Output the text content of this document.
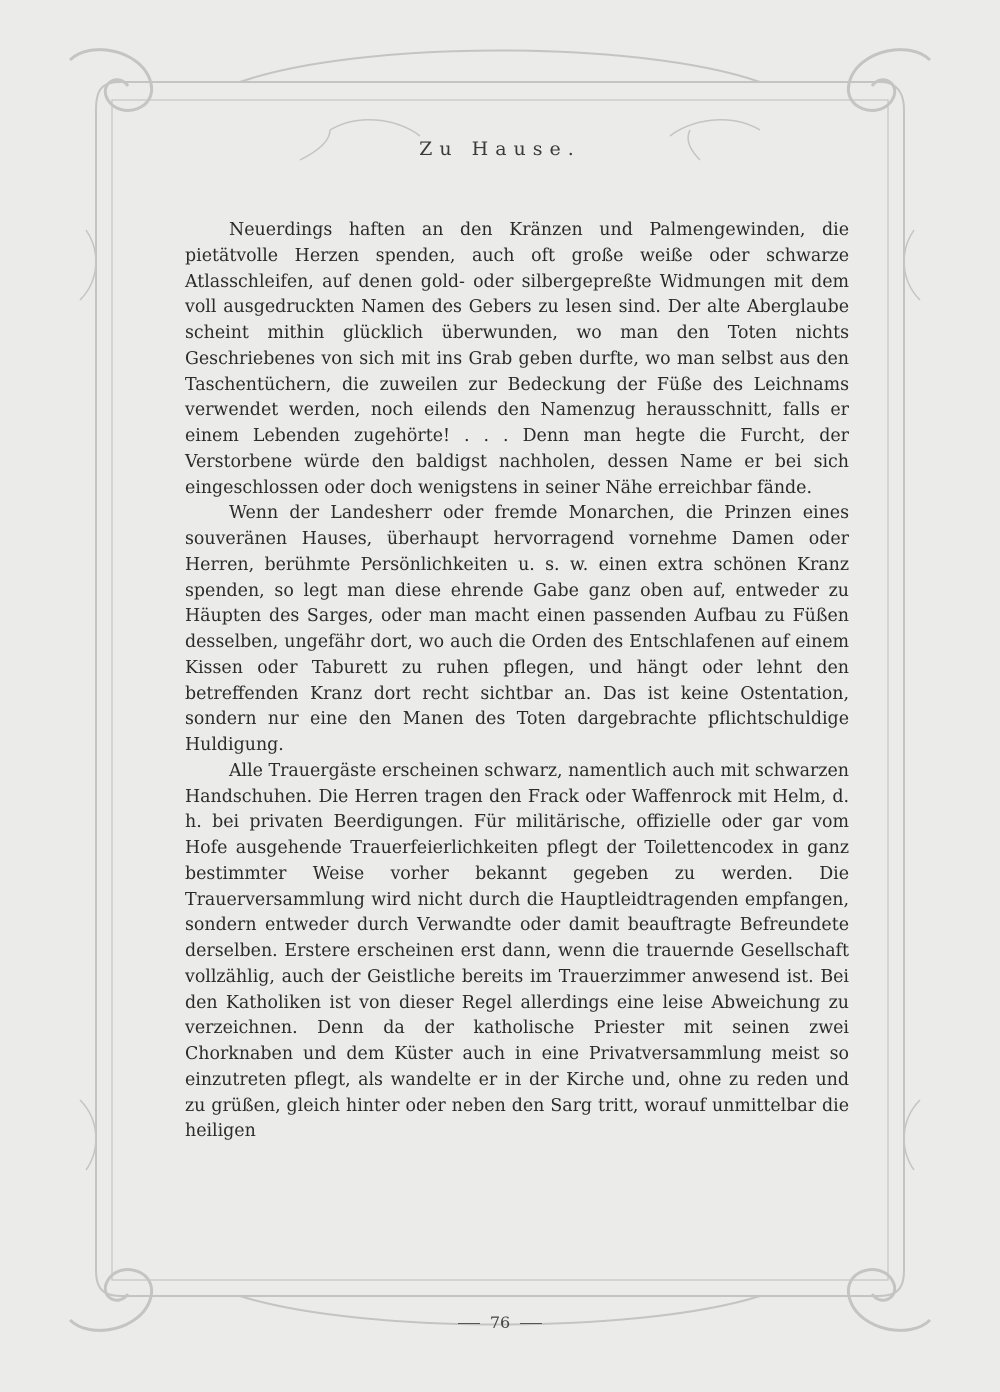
Zu Hause.

Neuerdings haften an den Kränzen und Palmengewinden, die pietätvolle Herzen spenden, auch oft große weiße oder schwarze Atlasschleifen, auf denen gold- oder silbergepreßte Widmungen mit dem voll ausgedruckten Namen des Gebers zu lesen sind. Der alte Aberglaube scheint mithin glücklich überwunden, wo man den Toten nichts Geschriebenes von sich mit ins Grab geben durfte, wo man selbst aus den Taschentüchern, die zuweilen zur Bedeckung der Füße des Leichnams verwendet werden, noch eilends den Namenzug herausschnitt, falls er einem Lebenden zugehörte! . . . Denn man hegte die Furcht, der Verstorbene würde den baldigst nachholen, dessen Name er bei sich eingeschlossen oder doch wenigstens in seiner Nähe erreichbar fände.

Wenn der Landesherr oder fremde Monarchen, die Prinzen eines souveränen Hauses, überhaupt hervorragend vornehme Damen oder Herren, berühmte Persönlichkeiten u. s. w. einen extra schönen Kranz spenden, so legt man diese ehrende Gabe ganz oben auf, entweder zu Häupten des Sarges, oder man macht einen passenden Aufbau zu Füßen desselben, ungefähr dort, wo auch die Orden des Entschlafenen auf einem Kissen oder Taburett zu ruhen pflegen, und hängt oder lehnt den betreffenden Kranz dort recht sichtbar an. Das ist keine Ostentation, sondern nur eine den Manen des Toten dargebrachte pflichtschuldige Huldigung.

Alle Trauergäste erscheinen schwarz, namentlich auch mit schwarzen Handschuhen. Die Herren tragen den Frack oder Waffenrock mit Helm, d. h. bei privaten Beerdigungen. Für militärische, offizielle oder gar vom Hofe ausgehende Trauerfeierlichkeiten pflegt der Toilettencodex in ganz bestimmter Weise vorher bekannt gegeben zu werden. Die Trauerversammlung wird nicht durch die Hauptleidtragenden empfangen, sondern entweder durch Verwandte oder damit beauftragte Befreundete derselben. Erstere erscheinen erst dann, wenn die trauernde Gesellschaft vollzählig, auch der Geistliche bereits im Trauerzimmer anwesend ist. Bei den Katholiken ist von dieser Regel allerdings eine leise Abweichung zu verzeichnen. Denn da der katholische Priester mit seinen zwei Chorknaben und dem Küster auch in eine Privatversammlung meist so einzutreten pflegt, als wandelte er in der Kirche und, ohne zu reden und zu grüßen, gleich hinter oder neben den Sarg tritt, worauf unmittelbar die heiligen

76
